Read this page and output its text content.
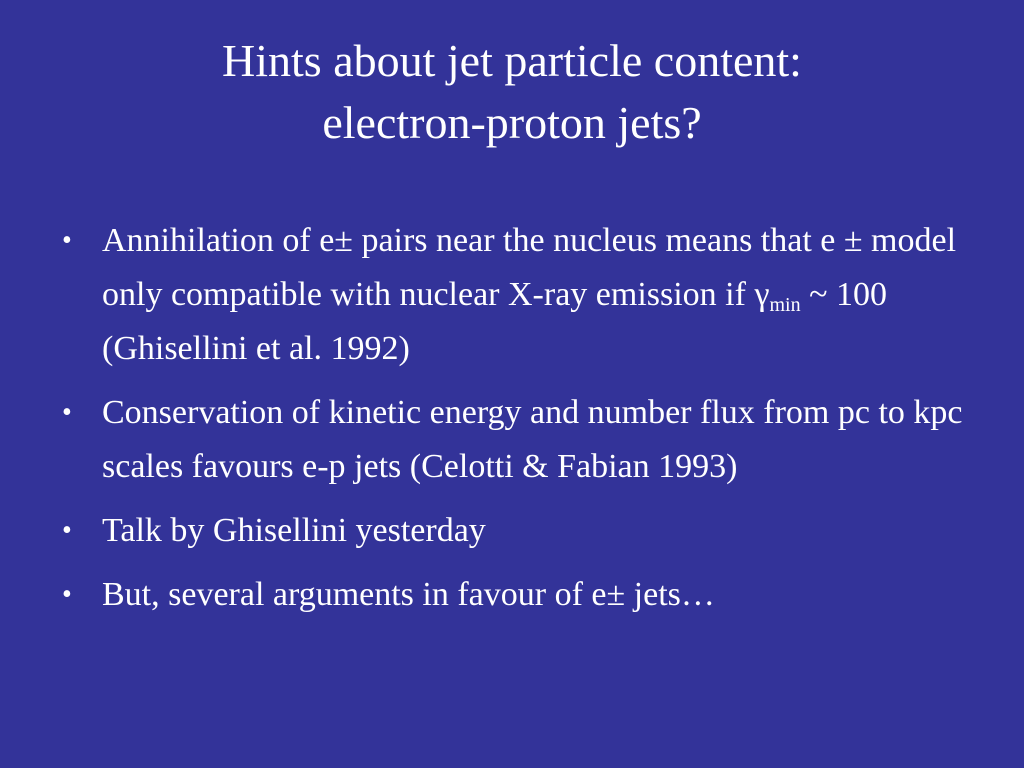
Hints about jet particle content:
electron-proton jets?
• Annihilation of e± pairs near the nucleus means that e ± model only compatible with nuclear X-ray emission if $\gamma_{min}$ ~ 100 (Ghisellini et al. 1992)
• Conservation of kinetic energy and number flux from pc to kpc scales favours e-p jets (Celotti & Fabian 1993)
• Talk by Ghisellini yesterday
• But, several arguments in favour of e± jets…
